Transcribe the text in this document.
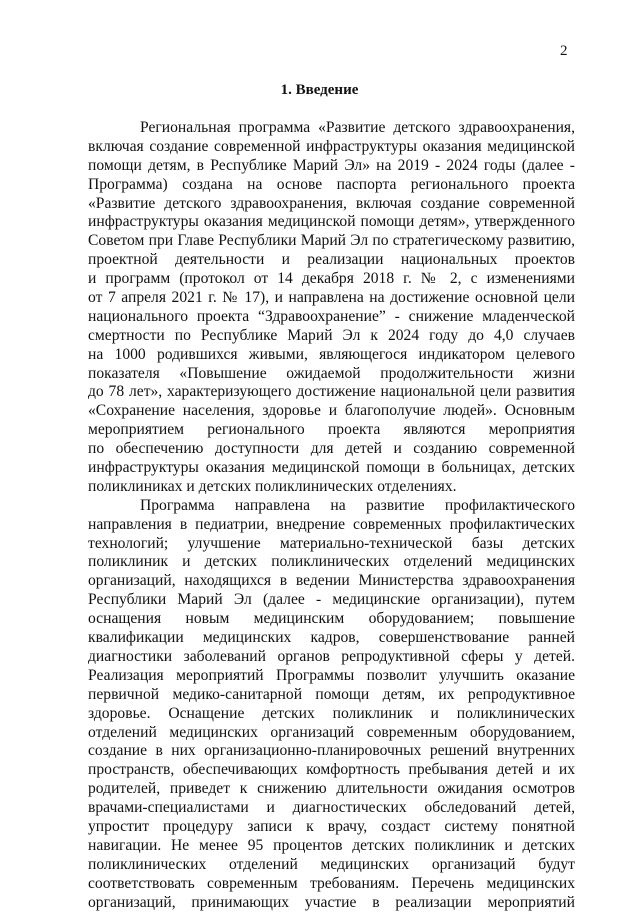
2
1. Введение
Региональная программа «Развитие детского здравоохранения,
включая создание современной инфраструктуры оказания медицинской
помощи детям, в Республике Марий Эл» на 2019 - 2024 годы (далее -
Программа) создана на основе паспорта регионального проекта
«Развитие детского здравоохранения, включая создание современной
инфраструктуры оказания медицинской помощи детям», утвержденного
Советом при Главе Республики Марий Эл по стратегическому развитию,
проектной деятельности и реализации национальных проектов
и программ (протокол от 14 декабря 2018 г. № 2, с изменениями
от 7 апреля 2021 г. № 17), и направлена на достижение основной цели
национального проекта “Здравоохранение” - снижение младенческой
смертности по Республике Марий Эл к 2024 году до 4,0 случаев
на 1000 родившихся живыми, являющегося индикатором целевого
показателя «Повышение ожидаемой продолжительности жизни
до 78 лет», характеризующего достижение национальной цели развития
«Сохранение населения, здоровье и благополучие людей». Основным
мероприятием регионального проекта являются мероприятия
по обеспечению доступности для детей и созданию современной
инфраструктуры оказания медицинской помощи в больницах, детских
поликлиниках и детских поликлинических отделениях.
Программа направлена на развитие профилактического
направления в педиатрии, внедрение современных профилактических
технологий; улучшение материально-технической базы детских
поликлиник и детских поликлинических отделений медицинских
организаций, находящихся в ведении Министерства здравоохранения
Республики Марий Эл (далее - медицинские организации), путем
оснащения новым медицинским оборудованием; повышение
квалификации медицинских кадров, совершенствование ранней
диагностики заболеваний органов репродуктивной сферы у детей.
Реализация мероприятий Программы позволит улучшить оказание
первичной медико-санитарной помощи детям, их репродуктивное
здоровье. Оснащение детских поликлиник и поликлинических
отделений медицинских организаций современным оборудованием,
создание в них организационно-планировочных решений внутренних
пространств, обеспечивающих комфортность пребывания детей и их
родителей, приведет к снижению длительности ожидания осмотров
врачами-специалистами и диагностических обследований детей,
упростит процедуру записи к врачу, создаст систему понятной
навигации. Не менее 95 процентов детских поликлиник и детских
поликлинических отделений медицинских организаций будут
соответствовать современным требованиям. Перечень медицинских
организаций, принимающих участие в реализации мероприятий
